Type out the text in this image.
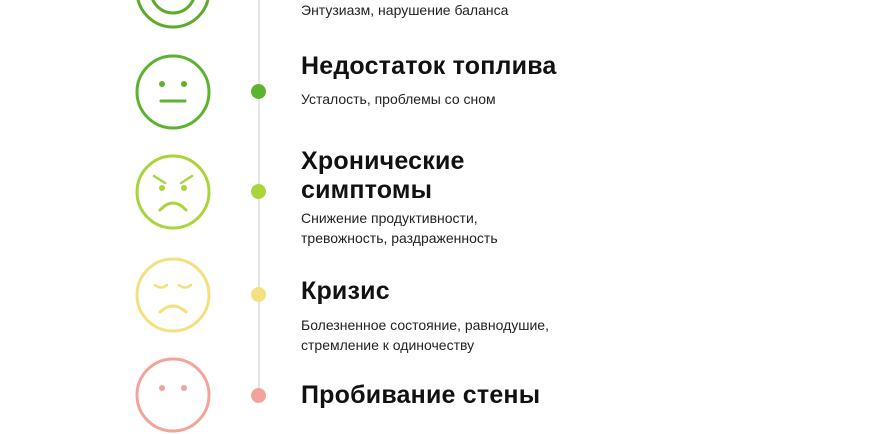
Энтузиазм, нарушение баланса
Недостаток топлива
Усталость, проблемы со сном
Хронические
симптомы
Снижение продуктивности,
тревожность, раздраженность
Кризис
Болезненное состояние, равнодушие,
стремление к одиночеству
Пробивание стены
